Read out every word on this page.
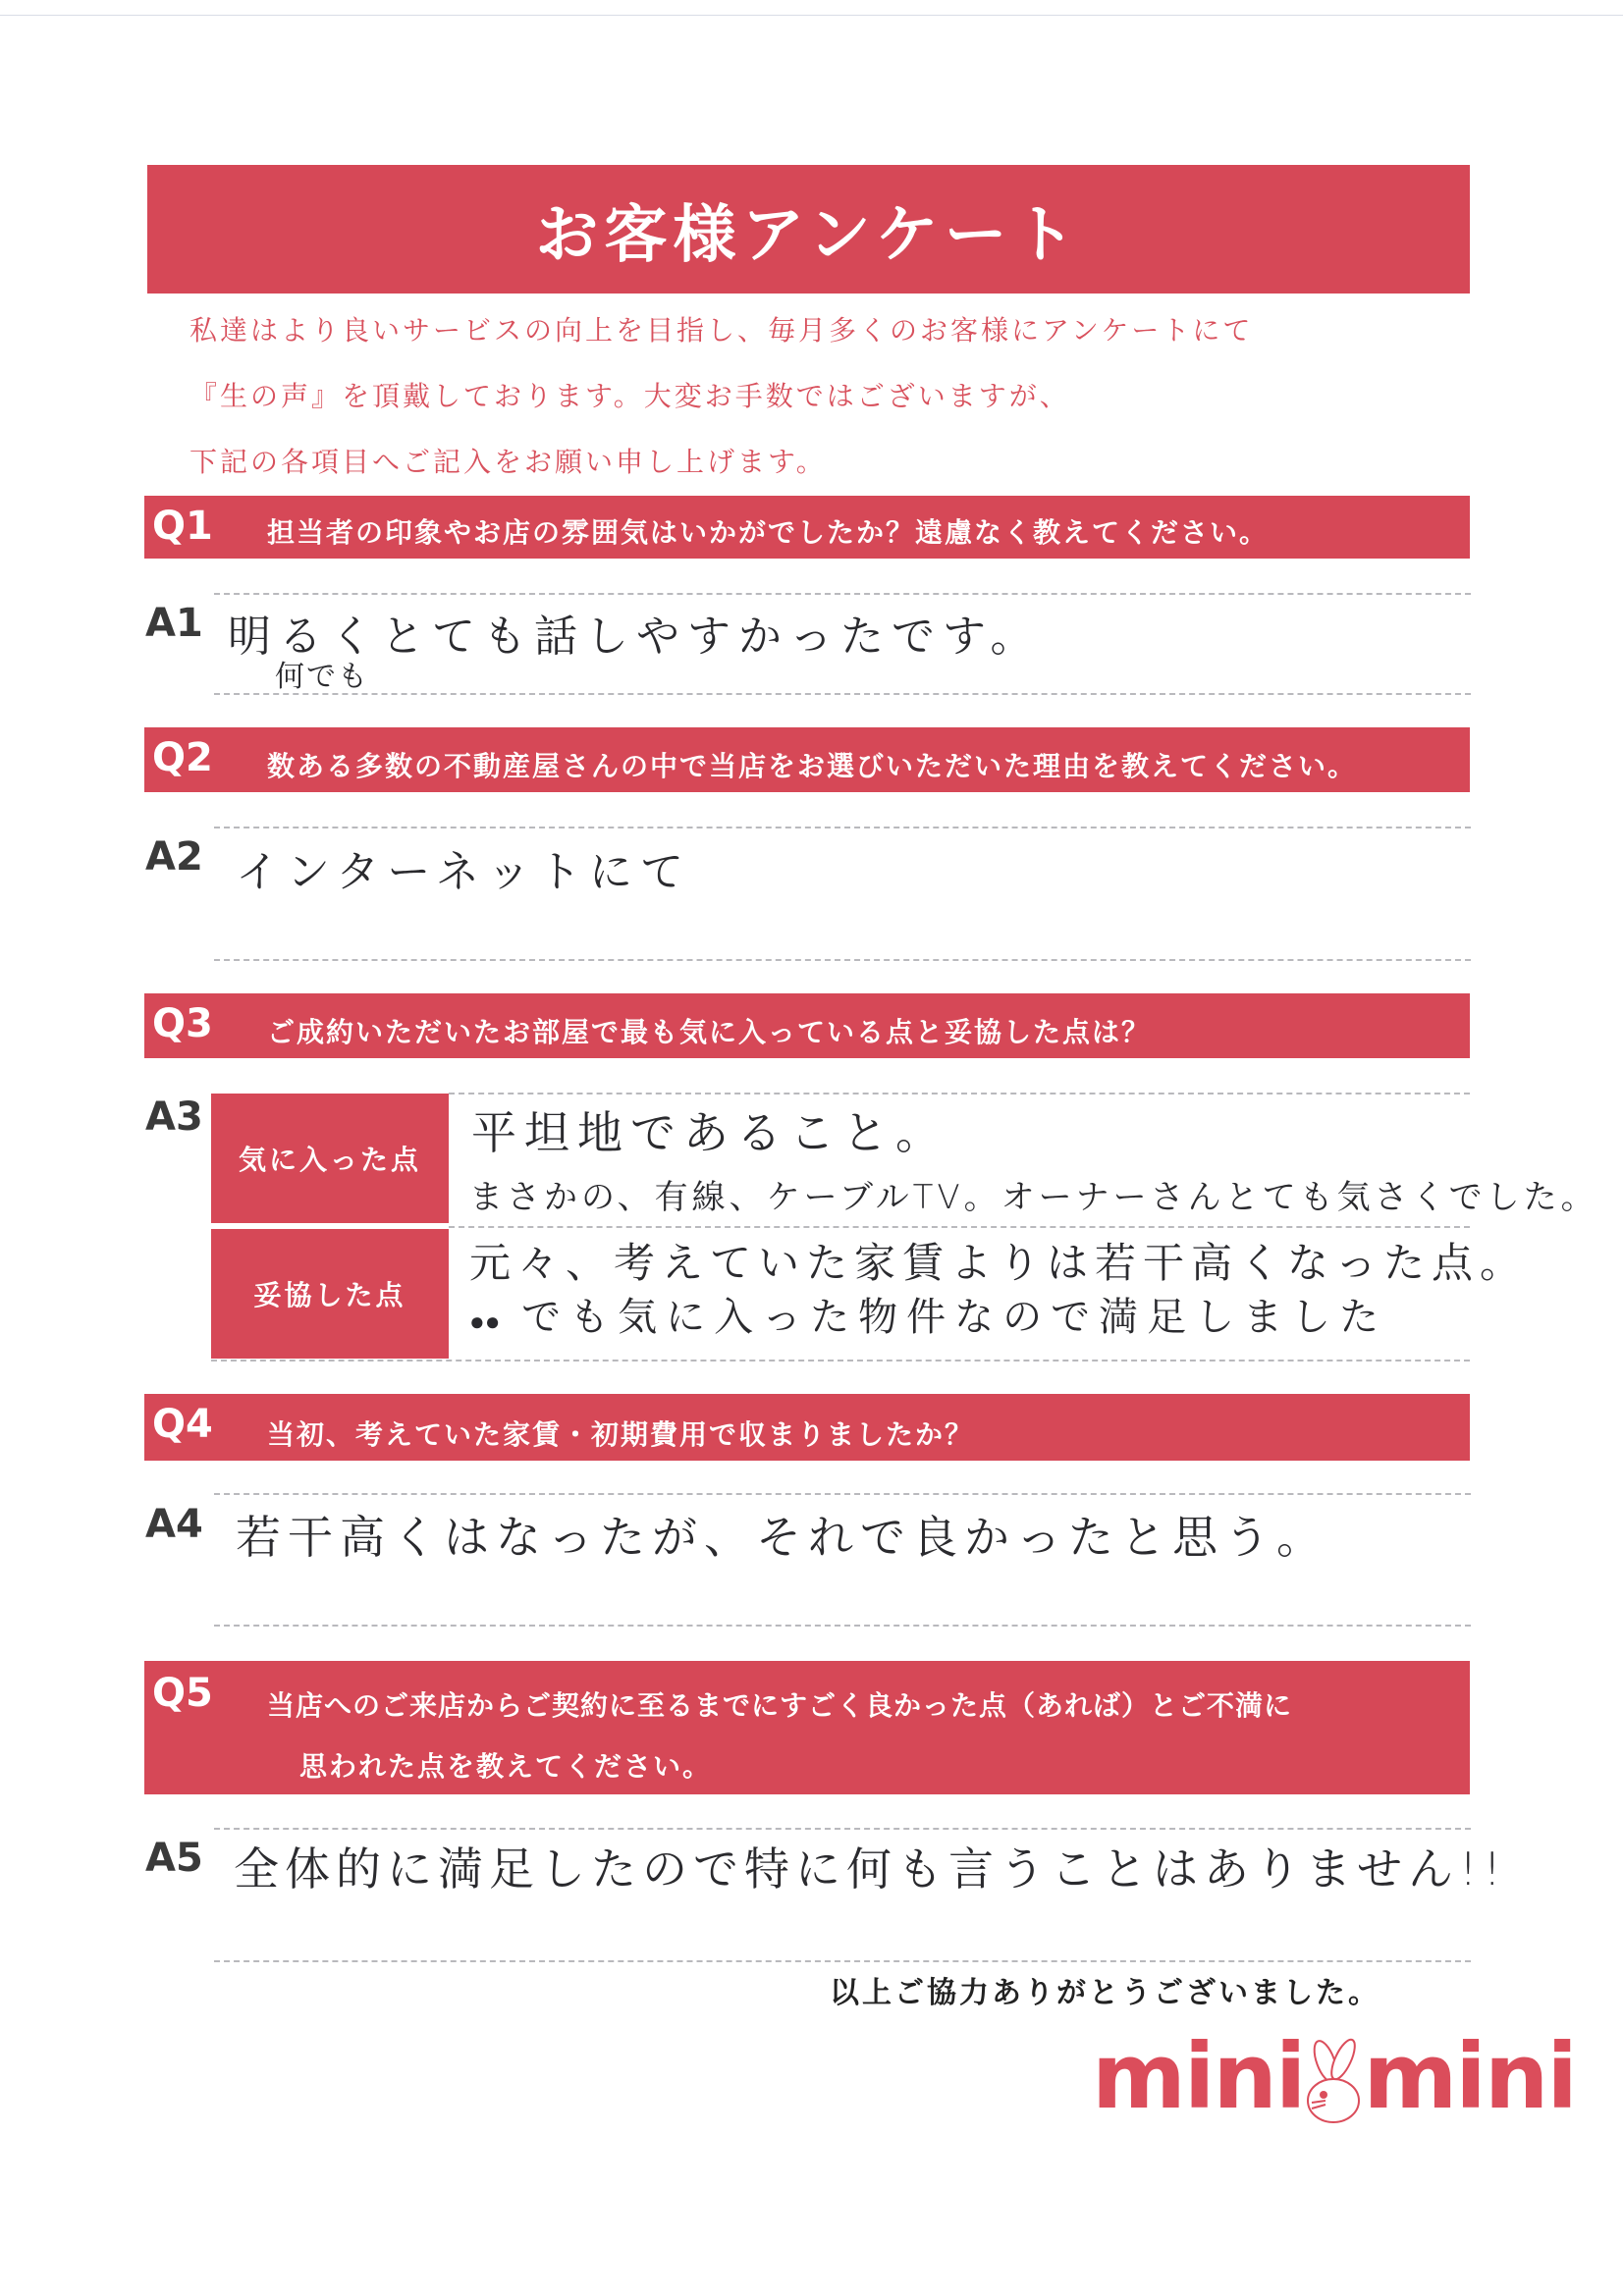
お客様アンケート
私達はより良いサービスの向上を目指し、毎月多くのお客様にアンケートにて
『生の声』を頂戴しております。大変お手数ではございますが、
下記の各項目へご記入をお願い申し上げます。
Q1 担当者の印象やお店の雰囲気はいかがでしたか？遠慮なく教えてください。
A1 明るくとても話しやすかったです。
何でも
Q2 数ある多数の不動産屋さんの中で当店をお選びいただいた理由を教えてください。
A2 インターネットにて
Q3 ご成約いただいたお部屋で最も気に入っている点と妥協した点は？
A3
気に入った点
平坦地であること。
まさかの、有線、ケーブルTV。オーナーさんとても気さくでした。
妥協した点
元々、考えていた家賃よりは若干高くなった点。
●● でも気に入った物件なので満足しました
Q4 当初、考えていた家賃・初期費用で収まりましたか？
A4 若干高くはなったが、それで良かったと思う。
Q5 当店へのご来店からご契約に至るまでにすごく良かった点（あれば）とご不満に
思われた点を教えてください。
A5 全体的に満足したので特に何も言うことはありません!!
以上ご協力ありがとうございました。
mini mini
